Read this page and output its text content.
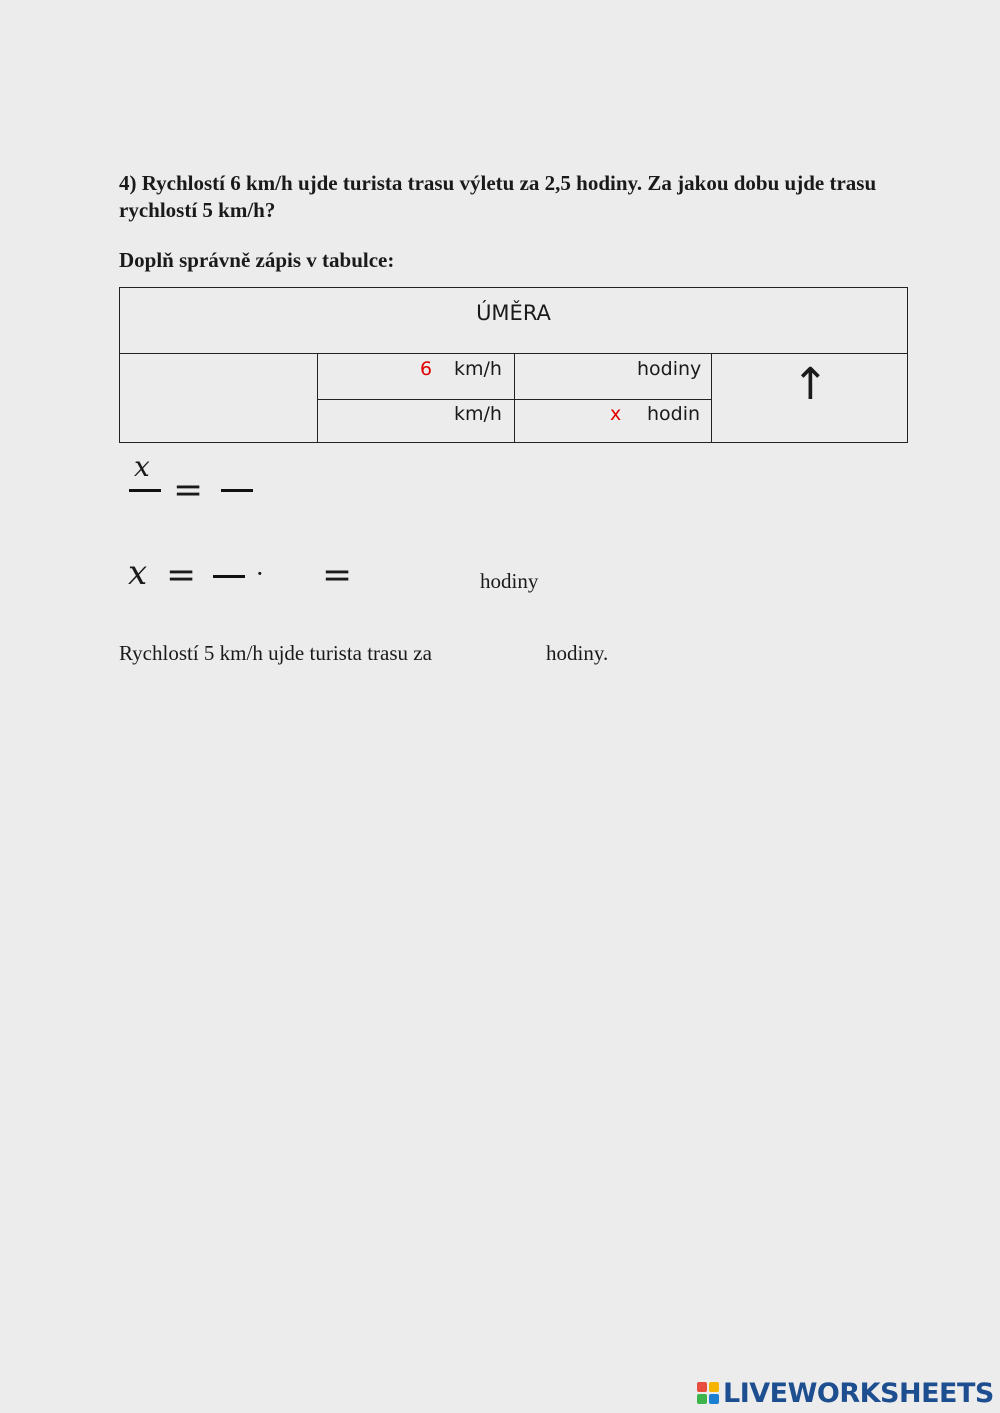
4) Rychlostí 6 km/h ujde turista trasu výletu za 2,5 hodiny. Za jakou dobu ujde trasu rychlostí 5 km/h?
Doplň správně zápis v tabulce:
ÚMĚRA
6 km/h	hodiny
km/h	x hodin
↑
x
=
x = · =	hodiny
Rychlostí 5 km/h ujde turista trasu za	hodiny.
LIVEWORKSHEETS
